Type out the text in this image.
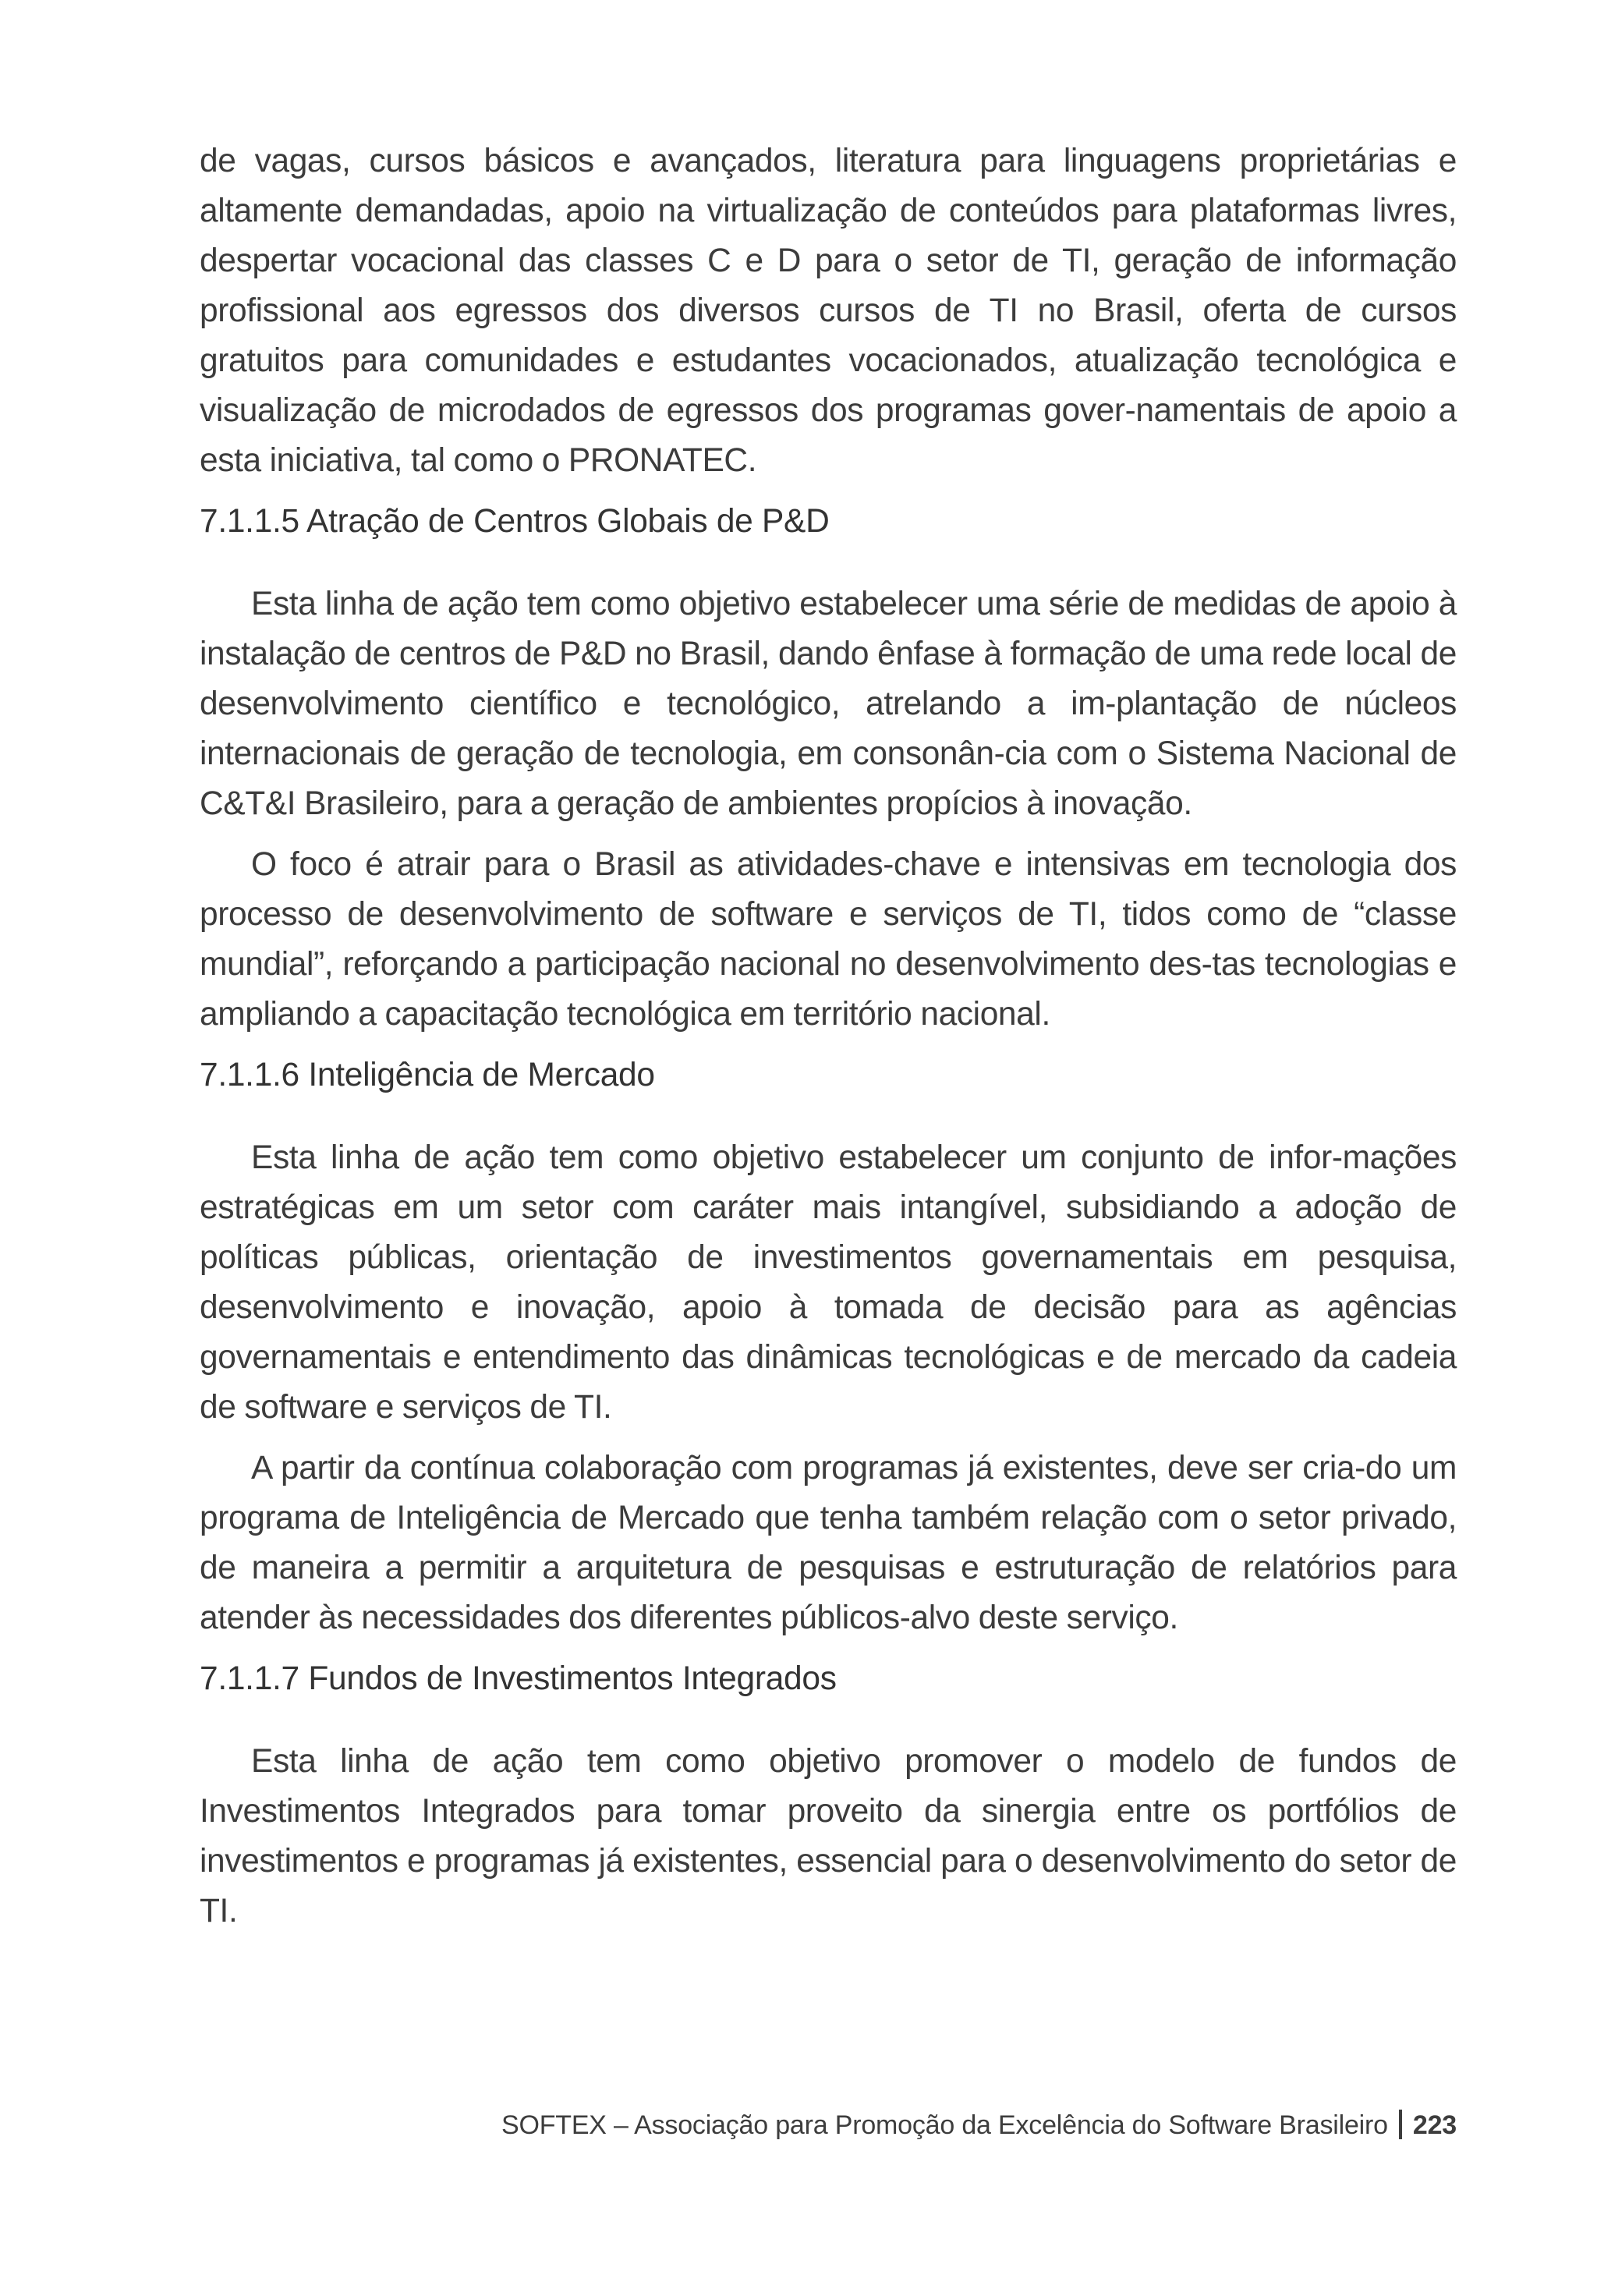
de vagas, cursos básicos e avançados, literatura para linguagens proprietárias e altamente demandadas, apoio na virtualização de conteúdos para plataformas livres, despertar vocacional das classes C e D para o setor de TI, geração de informação profissional aos egressos dos diversos cursos de TI no Brasil, oferta de cursos gratuitos para comunidades e estudantes vocacionados, atualização tecnológica e visualização de microdados de egressos dos programas gover-namentais de apoio a esta iniciativa, tal como o PRONATEC.

7.1.1.5 Atração de Centros Globais de P&D

Esta linha de ação tem como objetivo estabelecer uma série de medidas de apoio à instalação de centros de P&D no Brasil, dando ênfase à formação de uma rede local de desenvolvimento científico e tecnológico, atrelando a im-plantação de núcleos internacionais de geração de tecnologia, em consonân-cia com o Sistema Nacional de C&T&I Brasileiro, para a geração de ambientes propícios à inovação.

O foco é atrair para o Brasil as atividades-chave e intensivas em tecnologia dos processo de desenvolvimento de software e serviços de TI, tidos como de “classe mundial”, reforçando a participação nacional no desenvolvimento des-tas tecnologias e ampliando a capacitação tecnológica em território nacional.

7.1.1.6 Inteligência de Mercado

Esta linha de ação tem como objetivo estabelecer um conjunto de infor-mações estratégicas em um setor com caráter mais intangível, subsidiando a adoção de políticas públicas, orientação de investimentos governamentais em pesquisa, desenvolvimento e inovação, apoio à tomada de decisão para as agências governamentais e entendimento das dinâmicas tecnológicas e de mercado da cadeia de software e serviços de TI.

A partir da contínua colaboração com programas já existentes, deve ser cria-do um programa de Inteligência de Mercado que tenha também relação com o setor privado, de maneira a permitir a arquitetura de pesquisas e estruturação de relatórios para atender às necessidades dos diferentes públicos-alvo deste serviço.

7.1.1.7 Fundos de Investimentos Integrados

Esta linha de ação tem como objetivo promover o modelo de fundos de Investimentos Integrados para tomar proveito da sinergia entre os portfólios de investimentos e programas já existentes, essencial para o desenvolvimento do setor de TI.

SOFTEX – Associação para Promoção da Excelência do Software Brasileiro 223
